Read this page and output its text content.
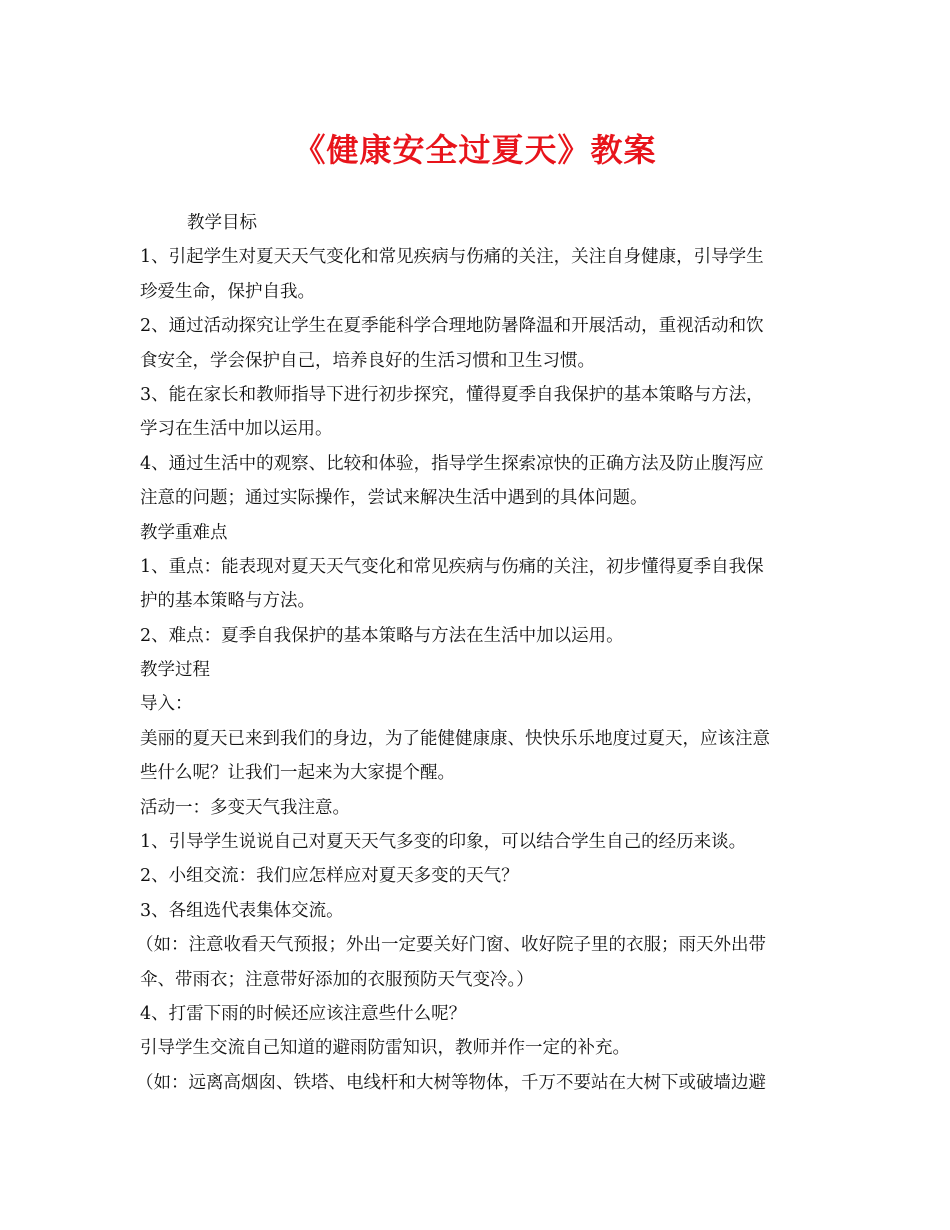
《健康安全过夏天》教案
教学目标
1、引起学生对夏天天气变化和常见疾病与伤痛的关注，关注自身健康，引导学生
珍爱生命，保护自我。
2、通过活动探究让学生在夏季能科学合理地防暑降温和开展活动，重视活动和饮
食安全，学会保护自己，培养良好的生活习惯和卫生习惯。
3、能在家长和教师指导下进行初步探究，懂得夏季自我保护的基本策略与方法，
学习在生活中加以运用。
4、通过生活中的观察、比较和体验，指导学生探索凉快的正确方法及防止腹泻应
注意的问题；通过实际操作，尝试来解决生活中遇到的具体问题。
教学重难点
1、重点：能表现对夏天天气变化和常见疾病与伤痛的关注，初步懂得夏季自我保
护的基本策略与方法。
2、难点：夏季自我保护的基本策略与方法在生活中加以运用。
教学过程
导入：
美丽的夏天已来到我们的身边，为了能健健康康、快快乐乐地度过夏天，应该注意
些什么呢？让我们一起来为大家提个醒。
活动一：多变天气我注意。
1、引导学生说说自己对夏天天气多变的印象，可以结合学生自己的经历来谈。
2、小组交流：我们应怎样应对夏天多变的天气？
3、各组选代表集体交流。
（如：注意收看天气预报；外出一定要关好门窗、收好院子里的衣服；雨天外出带
伞、带雨衣；注意带好添加的衣服预防天气变冷。）
4、打雷下雨的时候还应该注意些什么呢？
引导学生交流自己知道的避雨防雷知识，教师并作一定的补充。
（如：远离高烟囱、铁塔、电线杆和大树等物体，千万不要站在大树下或破墙边避
